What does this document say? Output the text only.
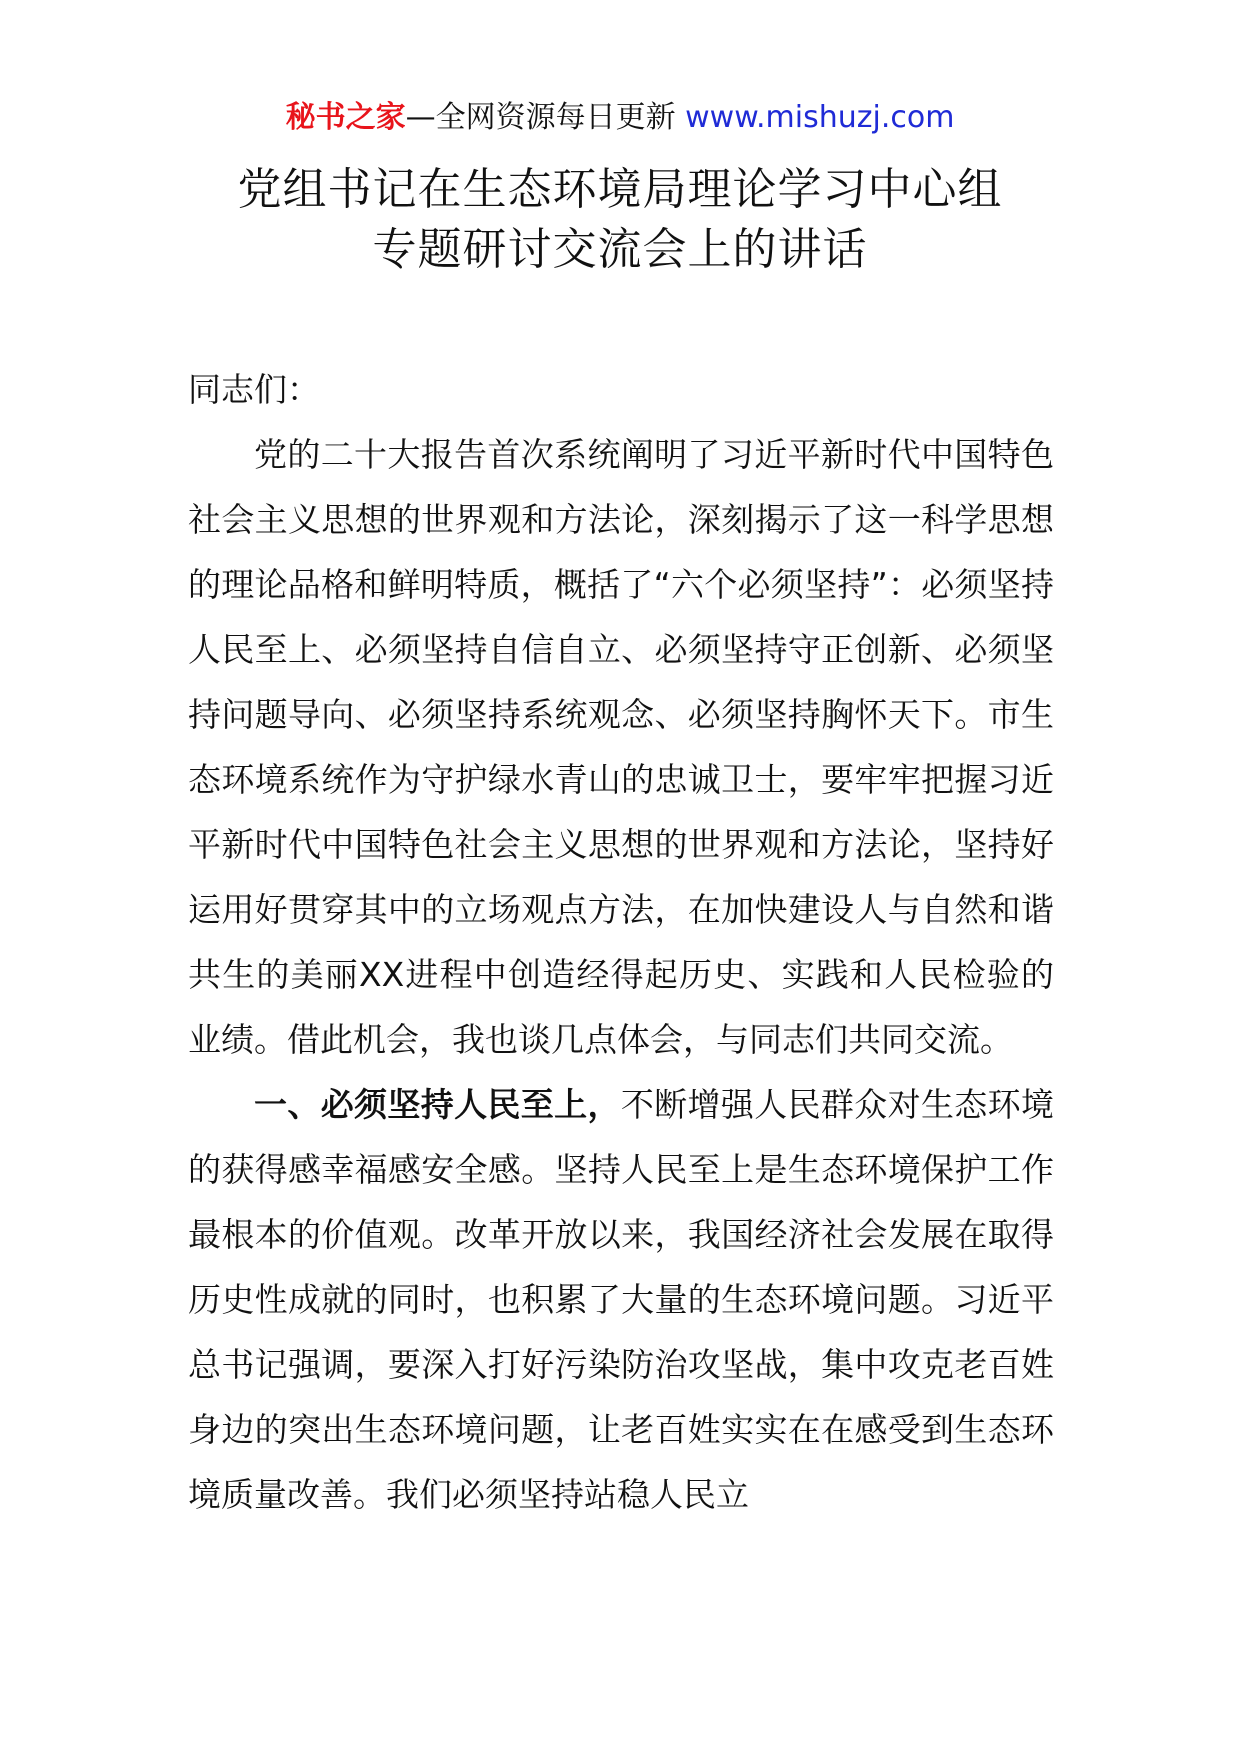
秘书之家—全网资源每日更新 www.mishuzj.com
党组书记在生态环境局理论学习中心组
专题研讨交流会上的讲话

同志们：

党的二十大报告首次系统阐明了习近平新时代中国特色社会主义思想的世界观和方法论，深刻揭示了这一科学思想的理论品格和鲜明特质，概括了“六个必须坚持”：必须坚持人民至上、必须坚持自信自立、必须坚持守正创新、必须坚持问题导向、必须坚持系统观念、必须坚持胸怀天下。市生态环境系统作为守护绿水青山的忠诚卫士，要牢牢把握习近平新时代中国特色社会主义思想的世界观和方法论，坚持好运用好贯穿其中的立场观点方法，在加快建设人与自然和谐共生的美丽XX进程中创造经得起历史、实践和人民检验的业绩。借此机会，我也谈几点体会，与同志们共同交流。

一、必须坚持人民至上，不断增强人民群众对生态环境的获得感幸福感安全感。坚持人民至上是生态环境保护工作最根本的价值观。改革开放以来，我国经济社会发展在取得历史性成就的同时，也积累了大量的生态环境问题。习近平总书记强调，要深入打好污染防治攻坚战，集中攻克老百姓身边的突出生态环境问题，让老百姓实实在在感受到生态环境质量改善。我们必须坚持站稳人民立
